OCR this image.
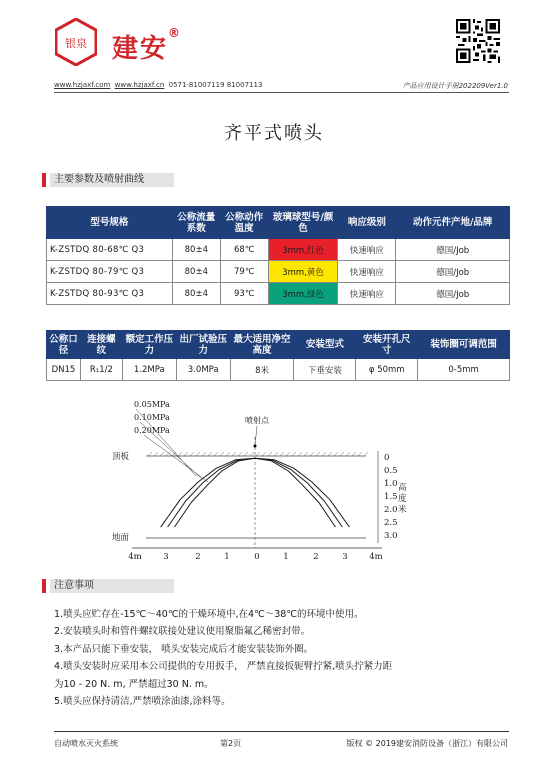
银泉 建安®
www.hzjaxf.com www.hzjaxf.cn 0571-81007119 81007113	产品应用设计手册202209Ver1.0
齐平式喷头
主要参数及喷射曲线
型号规格	公称流量系数	公称动作温度	玻璃球型号/颜色	响应级别	动作元件产地/品牌
K-ZSTDQ 80-68℃ Q3	80±4	68℃	3mm,红色	快速响应	德国/Job
K-ZSTDQ 80-79℃ Q3	80±4	79℃	3mm,黄色	快速响应	德国/Job
K-ZSTDQ 80-93℃ Q3	80±4	93℃	3mm,绿色	快速响应	德国/Job
公称口径	连接螺纹	额定工作压力	出厂试验压力	最大适用净空高度	安装型式	安装开孔尺寸	装饰圈可调范围
DN15	R₁1/2	1.2MPa	3.0MPa	8米	下垂安装	φ 50mm	0-5mm
0.05MPa
0.10MPa
0.20MPa
喷射点
顶板
地面
4m	3	2	1	0	1	2	3	4m
0
0.5
1.0
1.5
2.0
2.5
3.0
高
度
米
注意事项

1.喷头应贮存在-15℃～40℃的干燥环境中,在4℃～38℃的环境中使用。

2.安装喷头时和管件螺纹联接处建议使用聚脂氟乙稀密封带。

3.本产品只能下垂安装， 喷头安装完成后才能安装装饰外圈。

4.喷头安装时应采用本公司提供的专用扳手， 严禁直接扳轭臂拧紧,喷头拧紧力距

为10 - 20 N. m, 严禁超过30 N. m。

5.喷头应保持清洁,严禁喷涂油漆,涂料等。

自动喷水灭火系统	第2页	版权 © 2019建安消防设备（浙江）有限公司
